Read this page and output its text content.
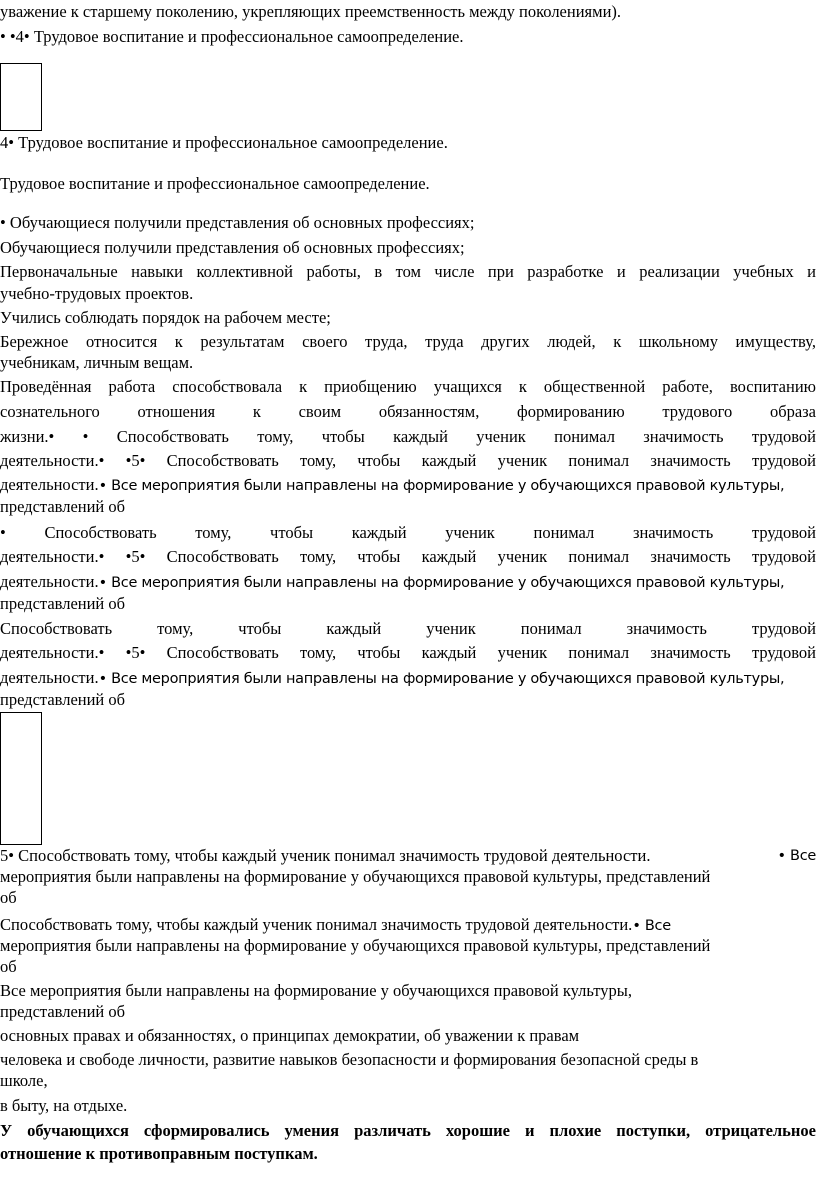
уважение к старшему поколению, укрепляющих преемственность между поколениями).
• •4• Трудовое воспитание и профессиональное самоопределение.
4• Трудовое воспитание и профессиональное самоопределение.
Трудовое воспитание и профессиональное самоопределение.
• Обучающиеся получили представления об основных профессиях;
Обучающиеся получили представления об основных профессиях;
Первоначальные навыки коллективной работы, в том числе при разработке и реализации учебных и
учебно-трудовых проектов.
Учились соблюдать порядок на рабочем месте;
Бережное относится к результатам своего труда, труда других людей, к школьному имуществу,
учебникам, личным вещам.
Проведённая работа способствовала к приобщению учащихся к общественной работе, воспитанию
сознательного отношения к своим обязанностям, формированию трудового образа
жизни.• • Способствовать тому, чтобы каждый ученик понимал значимость трудовой
деятельности.• •5• Способствовать тому, чтобы каждый ученик понимал значимость трудовой
деятельности.• Все мероприятия были направлены на формирование у обучающихся правовой культуры,
представлений об
• Способствовать тому, чтобы каждый ученик понимал значимость трудовой
деятельности.• •5• Способствовать тому, чтобы каждый ученик понимал значимость трудовой
деятельности.• Все мероприятия были направлены на формирование у обучающихся правовой культуры,
представлений об
Способствовать тому, чтобы каждый ученик понимал значимость трудовой
деятельности.• •5• Способствовать тому, чтобы каждый ученик понимал значимость трудовой
деятельности.• Все мероприятия были направлены на формирование у обучающихся правовой культуры,
представлений об
5• Способствовать тому, чтобы каждый ученик понимал значимость трудовой деятельности.	• Все
мероприятия были направлены на формирование у обучающихся правовой культуры, представлений
об
Способствовать тому, чтобы каждый ученик понимал значимость трудовой деятельности.• Все
мероприятия были направлены на формирование у обучающихся правовой культуры, представлений
об
Все мероприятия были направлены на формирование у обучающихся правовой культуры,
представлений об
основных правах и обязанностях, о принципах демократии, об уважении к правам
человека и свободе личности, развитие навыков безопасности и формирования безопасной среды в
школе,
в быту, на отдыхе.
У обучающихся сформировались умения различать хорошие и плохие поступки, отрицательное
отношение к противоправным поступкам.
